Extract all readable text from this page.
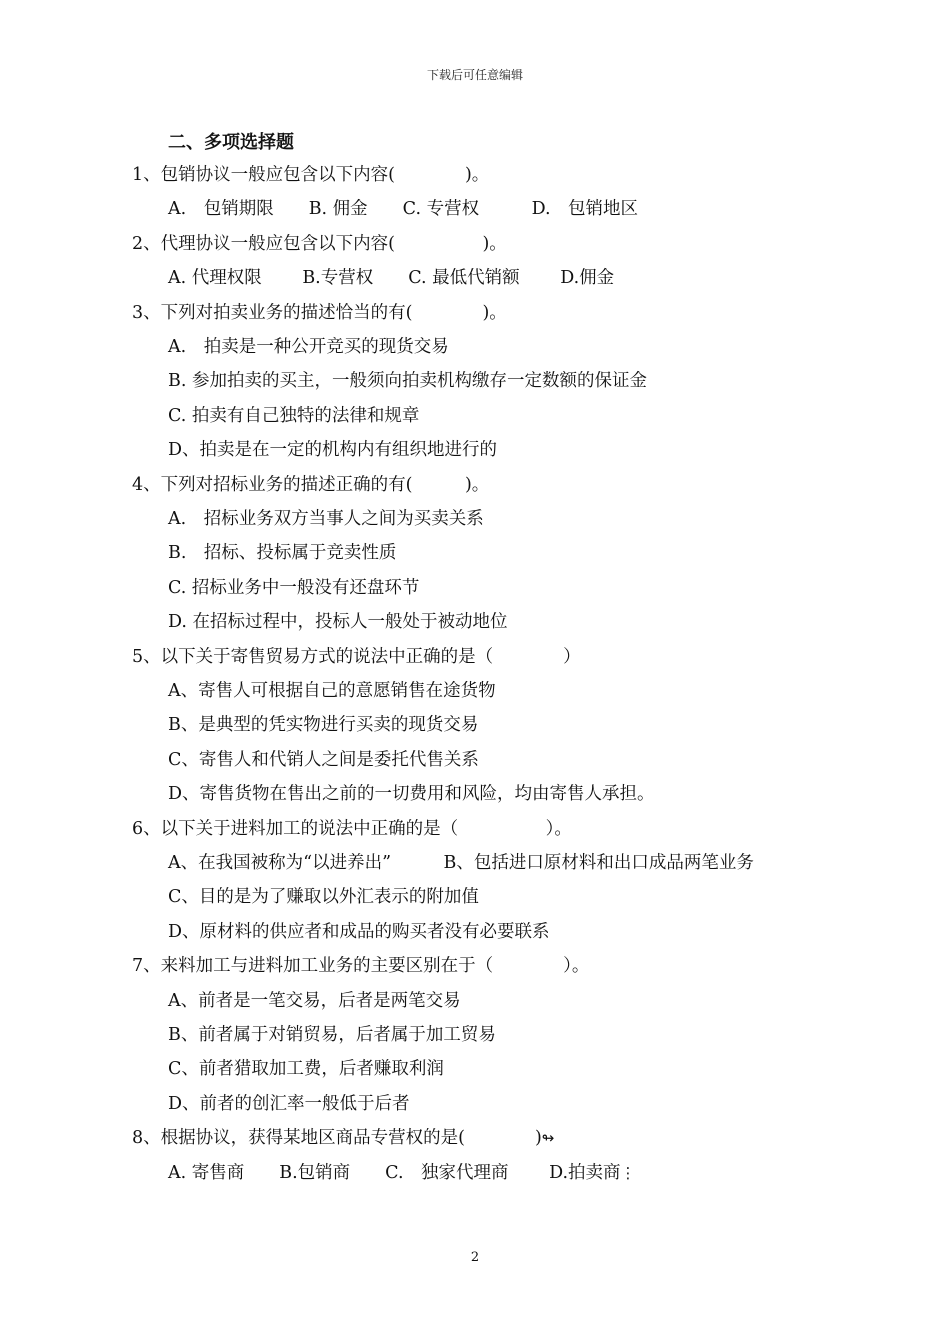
下载后可任意编辑
二、多项选择题
1、包销协议一般应包含以下内容(　　　　)。
A.　包销期限　　B. 佣金　　C. 专营权　　　D.　包销地区
2、代理协议一般应包含以下内容(　　　　　)。
A. 代理权限　　 B.专营权　　C. 最低代销额　　 D.佣金
3、下列对拍卖业务的描述恰当的有(　　　　)。
A.　拍卖是一种公开竞买的现货交易
B. 参加拍卖的买主，一般须向拍卖机构缴存一定数额的保证金
C. 拍卖有自己独特的法律和规章
D、拍卖是在一定的机构内有组织地进行的
4、下列对招标业务的描述正确的有(　　　)。
A.　招标业务双方当事人之间为买卖关系
B.　招标、投标属于竞卖性质
C. 招标业务中一般没有还盘环节
D. 在招标过程中，投标人一般处于被动地位
5、以下关于寄售贸易方式的说法中正确的是（　　　　）
A、寄售人可根据自己的意愿销售在途货物
B、是典型的凭实物进行买卖的现货交易
C、寄售人和代销人之间是委托代售关系
D、寄售货物在售出之前的一切费用和风险，均由寄售人承担。
6、以下关于进料加工的说法中正确的是（　　　　　）。
A、在我国被称为“以进养出”　　　B、包括进口原材料和出口成品两笔业务
C、目的是为了赚取以外汇表示的附加值
D、原材料的供应者和成品的购买者没有必要联系
7、来料加工与进料加工业务的主要区别在于（　　　　）。
A、前者是一笔交易，后者是两笔交易
B、前者属于对销贸易，后者属于加工贸易
C、前者猎取加工费，后者赚取利润
D、前者的创汇率一般低于后者
8、根据协议，获得某地区商品专营权的是(　　　　)↬
A. 寄售商　　B.包销商　　C.　独家代理商　　 D.拍卖商⋮
2
